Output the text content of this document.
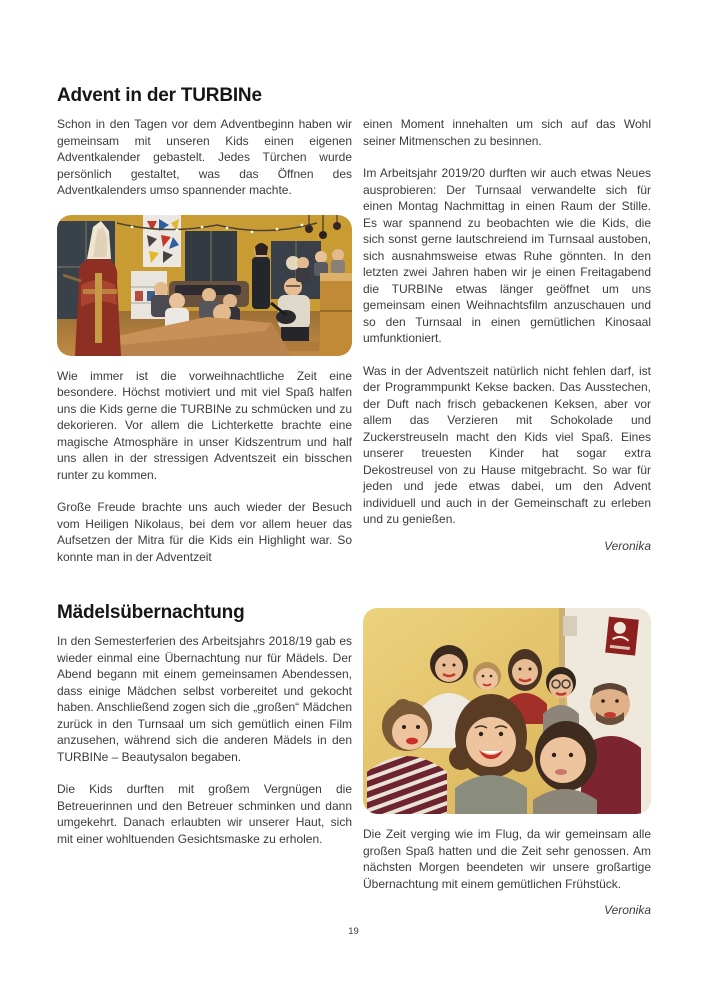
Advent in der TURBINe

Schon in den Tagen vor dem Adventbeginn haben wir gemeinsam mit unseren Kids einen eigenen Adventkalender gebastelt. Jedes Türchen wurde persönlich gestaltet, was das Öffnen des Adventkalenders umso spannender machte.

Wie immer ist die vorweihnachtliche Zeit eine besondere. Höchst motiviert und mit viel Spaß halfen uns die Kids gerne die TURBINe zu schmücken und zu dekorieren. Vor allem die Lichterkette brachte eine magische Atmosphäre in unser Kidszentrum und half uns allen in der stressigen Adventszeit ein bisschen runter zu kommen.

Große Freude brachte uns auch wieder der Besuch vom Heiligen Nikolaus, bei dem vor allem heuer das Aufsetzen der Mitra für die Kids ein Highlight war. So konnte man in der Adventzeit

einen Moment innehalten um sich auf das Wohl seiner Mitmenschen zu besinnen.

Im Arbeitsjahr 2019/20 durften wir auch etwas Neues ausprobieren: Der Turnsaal verwandelte sich für einen Montag Nachmittag in einen Raum der Stille. Es war spannend zu beobachten wie die Kids, die sich sonst gerne lautschreiend im Turnsaal austoben, sich ausnahmsweise etwas Ruhe gönnten. In den letzten zwei Jahren haben wir je einen Freitagabend die TURBINe etwas länger geöffnet um uns gemeinsam einen Weihnachtsfilm anzuschauen und so den Turnsaal in einen gemütlichen Kinosaal umfunktioniert.

Was in der Adventszeit natürlich nicht fehlen darf, ist der Programmpunkt Kekse backen. Das Ausstechen, der Duft nach frisch gebackenen Keksen, aber vor allem das Verzieren mit Schokolade und Zuckerstreuseln macht den Kids viel Spaß. Eines unserer treuesten Kinder hat sogar extra Dekostreusel von zu Hause mitgebracht. So war für jeden und jede etwas dabei, um den Advent individuell und auch in der Gemeinschaft zu erleben und zu genießen.

Veronika

Mädelsübernachtung

In den Semesterferien des Arbeitsjahrs 2018/19 gab es wieder einmal eine Übernachtung nur für Mädels. Der Abend begann mit einem gemeinsamen Abendessen, dass einige Mädchen selbst vorbereitet und gekocht haben. Anschließend zogen sich die „großen“ Mädchen zurück in den Turnsaal um sich gemütlich einen Film anzusehen, während sich die anderen Mädels in den TURBINe – Beautysalon begaben.

Die Kids durften mit großem Vergnügen die Betreuerinnen und den Betreuer schminken und dann umgekehrt. Danach erlaubten wir unserer Haut, sich mit einer wohltuenden Gesichtsmaske zu erholen.	Die Zeit verging wie im Flug, da wir gemeinsam alle großen Spaß hatten und die Zeit sehr genossen. Am nächsten Morgen beendeten wir unsere großartige Übernachtung mit einem gemütlichen Frühstück.

Veronika

19
